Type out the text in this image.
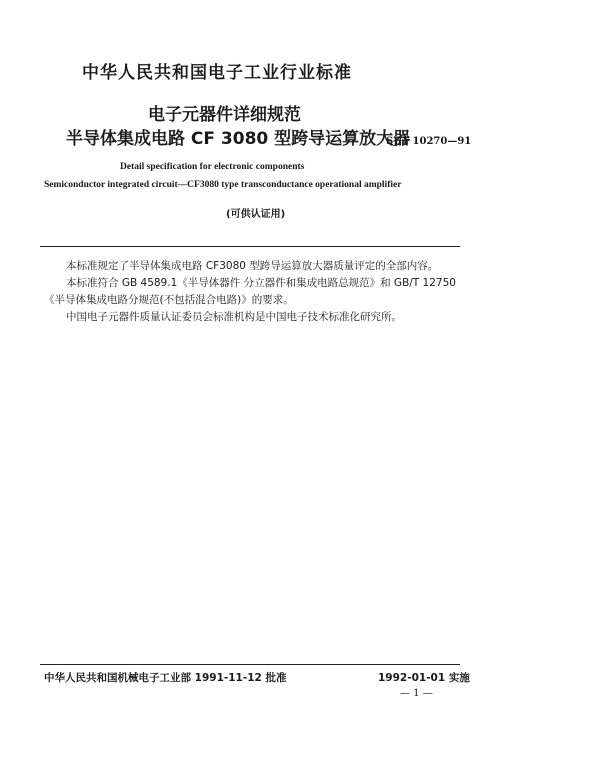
中华人民共和国电子工业行业标准
电子元器件详细规范
半导体集成电路 CF 3080 型跨导运算放大器
SJ/T 10270—91
Detail specification for electronic components
Semiconductor integrated circuit—CF3080 type transconductance operational amplifier
(可供认证用)
本标准规定了半导体集成电路 CF3080 型跨导运算放大器质量评定的全部内容。
本标准符合 GB 4589.1《半导体器件 分立器件和集成电路总规范》和 GB/T 12750《半导体集成电路分规范(不包括混合电路)》的要求。
中国电子元器件质量认证委员会标准机构是中国电子技术标准化研究所。
中华人民共和国机械电子工业部 1991-11-12 批准	1992-01-01 实施
— 1 —
